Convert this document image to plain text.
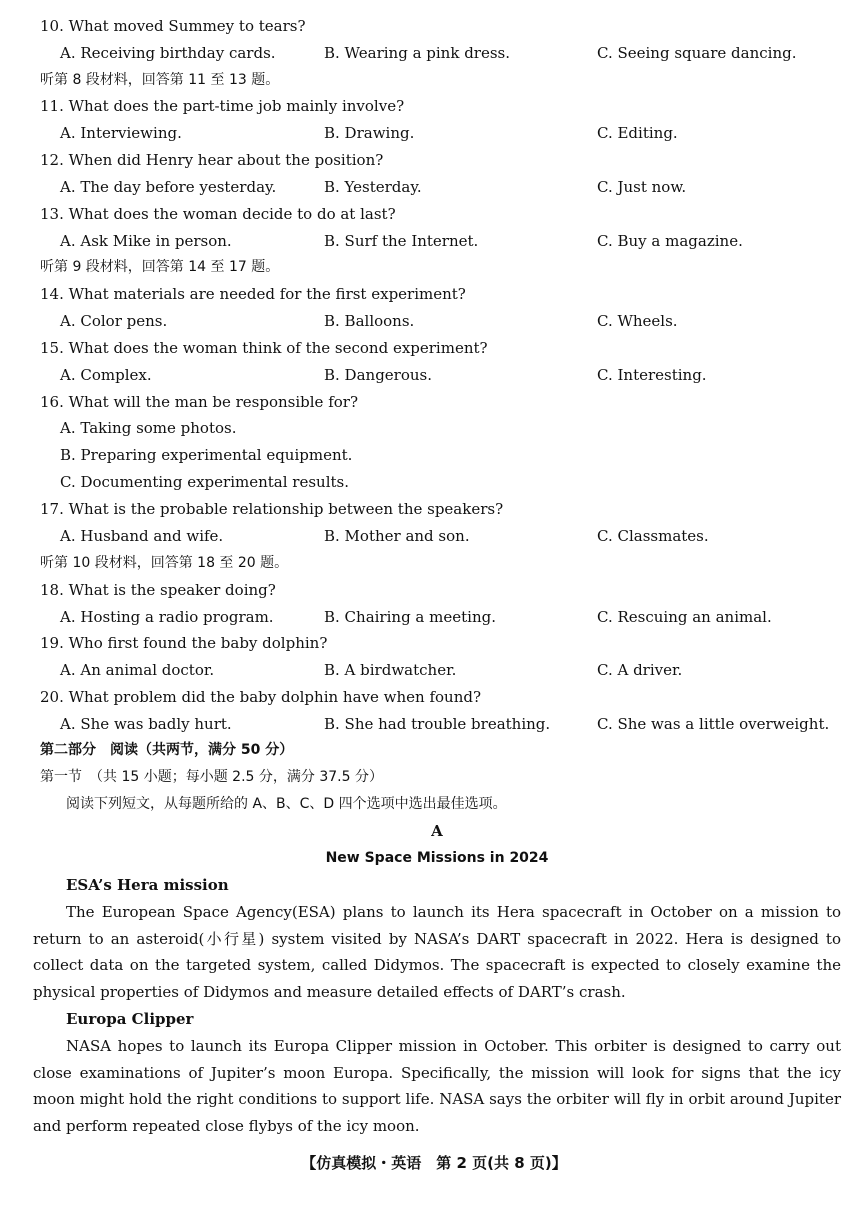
10. What moved Summey to tears?
A. Receiving birthday cards.	B. Wearing a pink dress.	C. Seeing square dancing.
听第 8 段材料，回答第 11 至 13 题。
11. What does the part-time job mainly involve?
A. Interviewing.	B. Drawing.	C. Editing.
12. When did Henry hear about the position?
A. The day before yesterday.	B. Yesterday.	C. Just now.
13. What does the woman decide to do at last?
A. Ask Mike in person.	B. Surf the Internet.	C. Buy a magazine.
听第 9 段材料，回答第 14 至 17 题。
14. What materials are needed for the first experiment?
A. Color pens.	B. Balloons.	C. Wheels.
15. What does the woman think of the second experiment?
A. Complex.	B. Dangerous.	C. Interesting.
16. What will the man be responsible for?
A. Taking some photos.
B. Preparing experimental equipment.
C. Documenting experimental results.
17. What is the probable relationship between the speakers?
A. Husband and wife.	B. Mother and son.	C. Classmates.
听第 10 段材料，回答第 18 至 20 题。
18. What is the speaker doing?
A. Hosting a radio program.	B. Chairing a meeting.	C. Rescuing an animal.
19. Who first found the baby dolphin?
A. An animal doctor.	B. A birdwatcher.	C. A driver.
20. What problem did the baby dolphin have when found?
A. She was badly hurt.	B. She had trouble breathing.	C. She was a little overweight.
第二部分　阅读（共两节，满分 50 分）
第一节　（共 15 小题；每小题 2.5 分，满分 37.5 分）
阅读下列短文，从每题所给的 A、B、C、D 四个选项中选出最佳选项。
A
New Space Missions in 2024
ESA’s Hera mission
The European Space Agency(ESA) plans to launch its Hera spacecraft in October on a mission to return to an asteroid(小行星) system visited by NASA’s DART spacecraft in 2022. Hera is designed to collect data on the targeted system, called Didymos. The spacecraft is expected to closely examine the physical properties of Didymos and measure detailed effects of DART’s crash.
Europa Clipper
NASA hopes to launch its Europa Clipper mission in October. This orbiter is designed to carry out close examinations of Jupiter’s moon Europa. Specifically, the mission will look for signs that the icy moon might hold the right conditions to support life. NASA says the orbiter will fly in orbit around Jupiter and perform repeated close flybys of the icy moon.
【仿真模拟・英语　第 2 页(共 8 页)】
